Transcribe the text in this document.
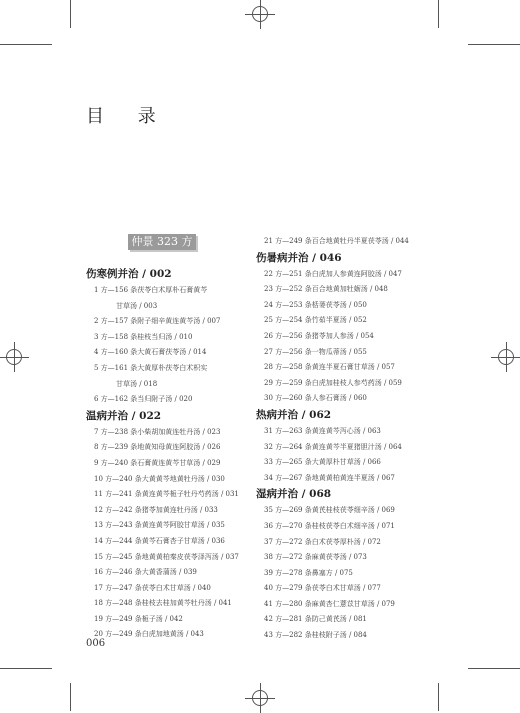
目 录
仲景 323 方
伤寒例并治 / 002
1 方—156 条茯苓白术厚朴石膏黄芩
甘草汤 / 003
2 方—157 条附子细辛黄连黄芩汤 / 007
3 方—158 条桂枝当归汤 / 010
4 方—160 条大黄石膏茯苓汤 / 014
5 方—161 条大黄厚朴茯苓白术枳实
甘草汤 / 018
6 方—162 条当归附子汤 / 020
温病并治 / 022
7 方—238 条小柴胡加黄连牡丹汤 / 023
8 方—239 条地黄知母黄连阿胶汤 / 026
9 方—240 条石膏黄连黄芩甘草汤 / 029
10 方—240 条大黄黄芩地黄牡丹汤 / 030
11 方—241 条黄连黄芩栀子牡丹芍药汤 / 031
12 方—242 条猪苓加黄连牡丹汤 / 033
13 方—243 条黄连黄芩阿胶甘草汤 / 035
14 方—244 条黄芩石膏杏子甘草汤 / 036
15 方—245 条地黄黄柏秦皮茯苓泽泻汤 / 037
16 方—246 条大黄香蒲汤 / 039
17 方—247 条茯苓白术甘草汤 / 040
18 方—248 条桂枝去桂加黄芩牡丹汤 / 041
19 方—249 条栀子汤 / 042
20 方—249 条白虎加地黄汤 / 043
21 方—249 条百合地黄牡丹半夏茯苓汤 / 044
伤暑病并治 / 046
22 方—251 条白虎加人参黄连阿胶汤 / 047
23 方—252 条百合地黄加牡蛎汤 / 048
24 方—253 条栝蒌茯苓汤 / 050
25 方—254 条竹茹半夏汤 / 052
26 方—256 条猪苓加人参汤 / 054
27 方—256 条一物瓜蒂汤 / 055
28 方—258 条黄连半夏石膏甘草汤 / 057
29 方—259 条白虎加桂枝人参芍药汤 / 059
30 方—260 条人参石膏汤 / 060
热病并治 / 062
31 方—263 条黄连黄芩泻心汤 / 063
32 方—264 条黄连黄芩半夏猪胆汁汤 / 064
33 方—265 条大黄厚朴甘草汤 / 066
34 方—267 条地黄黄柏黄连半夏汤 / 067
湿病并治 / 068
35 方—269 条黄芪桂枝茯苓细辛汤 / 069
36 方—270 条桂枝茯苓白术细辛汤 / 071
37 方—272 条白术茯苓厚朴汤 / 072
38 方—272 条麻黄茯苓汤 / 073
39 方—278 条鼻塞方 / 075
40 方—279 条茯苓白术甘草汤 / 077
41 方—280 条麻黄杏仁薏苡甘草汤 / 079
42 方—281 条防己黄芪汤 / 081
43 方—282 条桂枝附子汤 / 084
006
